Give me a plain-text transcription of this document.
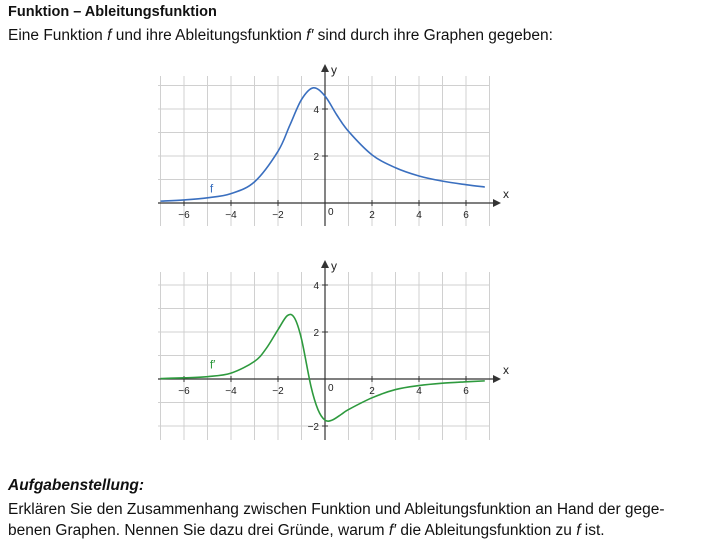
Funktion – Ableitungsfunktion
Eine Funktion f und ihre Ableitungsfunktion f′ sind durch ihre Graphen gegeben:
x
y
0
−6	−4	−2	2	4	6
2
4
f
x
y
0
−6	−4	−2	2	4	6
−2
2
4
f′
Aufgabenstellung:
Erklären Sie den Zusammenhang zwischen Funktion und Ableitungsfunktion an Hand der gege-
benen Graphen. Nennen Sie dazu drei Gründe, warum f′ die Ableitungsfunktion zu f ist.
